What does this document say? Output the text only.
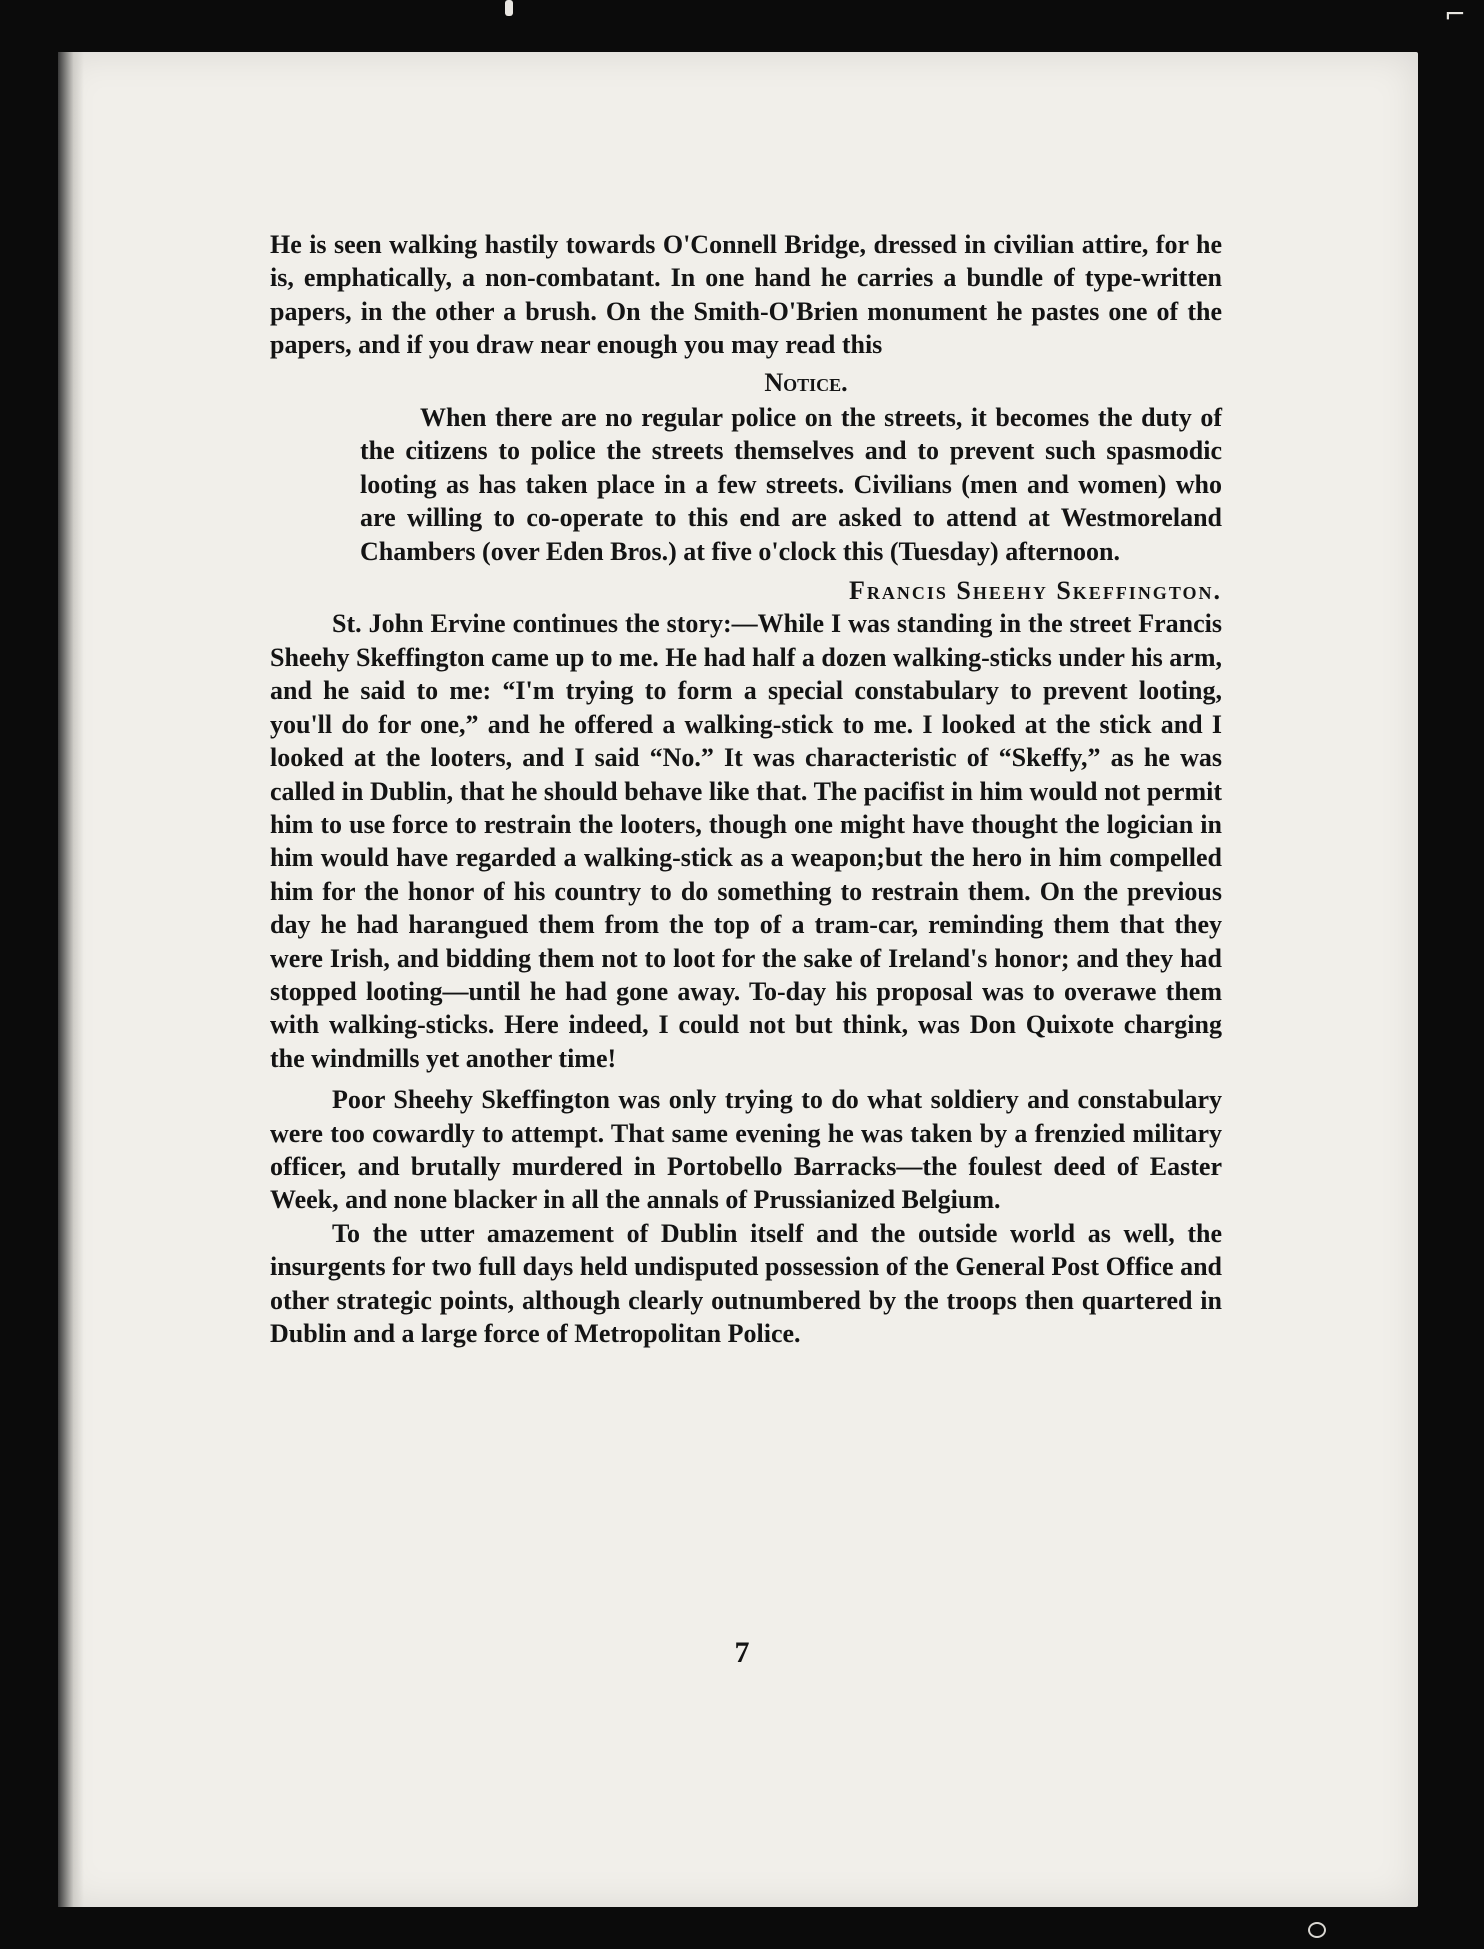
⌐

He is seen walking hastily towards O'Connell Bridge, dressed in civilian attire, for he is, emphatically, a non-combatant. In one hand he carries a bundle of type-written papers, in the other a brush. On the Smith-O'Brien monument he pastes one of the papers, and if you draw near enough you may read this

Notice.

When there are no regular police on the streets, it becomes the duty of the citizens to police the streets themselves and to prevent such spasmodic looting as has taken place in a few streets. Civilians (men and women) who are willing to co-operate to this end are asked to attend at Westmoreland Chambers (over Eden Bros.) at five o'clock this (Tuesday) afternoon.

Francis Sheehy Skeffington.

St. John Ervine continues the story:—While I was standing in the street Francis Sheehy Skeffington came up to me. He had half a dozen walking-sticks under his arm, and he said to me: “I'm trying to form a special constabulary to prevent looting, you'll do for one,” and he offered a walking-stick to me. I looked at the stick and I looked at the looters, and I said “No.” It was characteristic of “Skeffy,” as he was called in Dublin, that he should behave like that. The pacifist in him would not permit him to use force to restrain the looters, though one might have thought the logician in him would have regarded a walking-stick as a weapon;but the hero in him compelled him for the honor of his country to do something to restrain them. On the previous day he had harangued them from the top of a tram-car, reminding them that they were Irish, and bidding them not to loot for the sake of Ireland's honor; and they had stopped looting—until he had gone away. To-day his proposal was to overawe them with walking-sticks. Here indeed, I could not but think, was Don Quixote charging the windmills yet another time!

Poor Sheehy Skeffington was only trying to do what soldiery and constabulary were too cowardly to attempt. That same evening he was taken by a frenzied military officer, and brutally murdered in Portobello Barracks—the foulest deed of Easter Week, and none blacker in all the annals of Prussianized Belgium.

To the utter amazement of Dublin itself and the outside world as well, the insurgents for two full days held undisputed possession of the General Post Office and other strategic points, although clearly outnumbered by the troops then quartered in Dublin and a large force of Metropolitan Police.

7
